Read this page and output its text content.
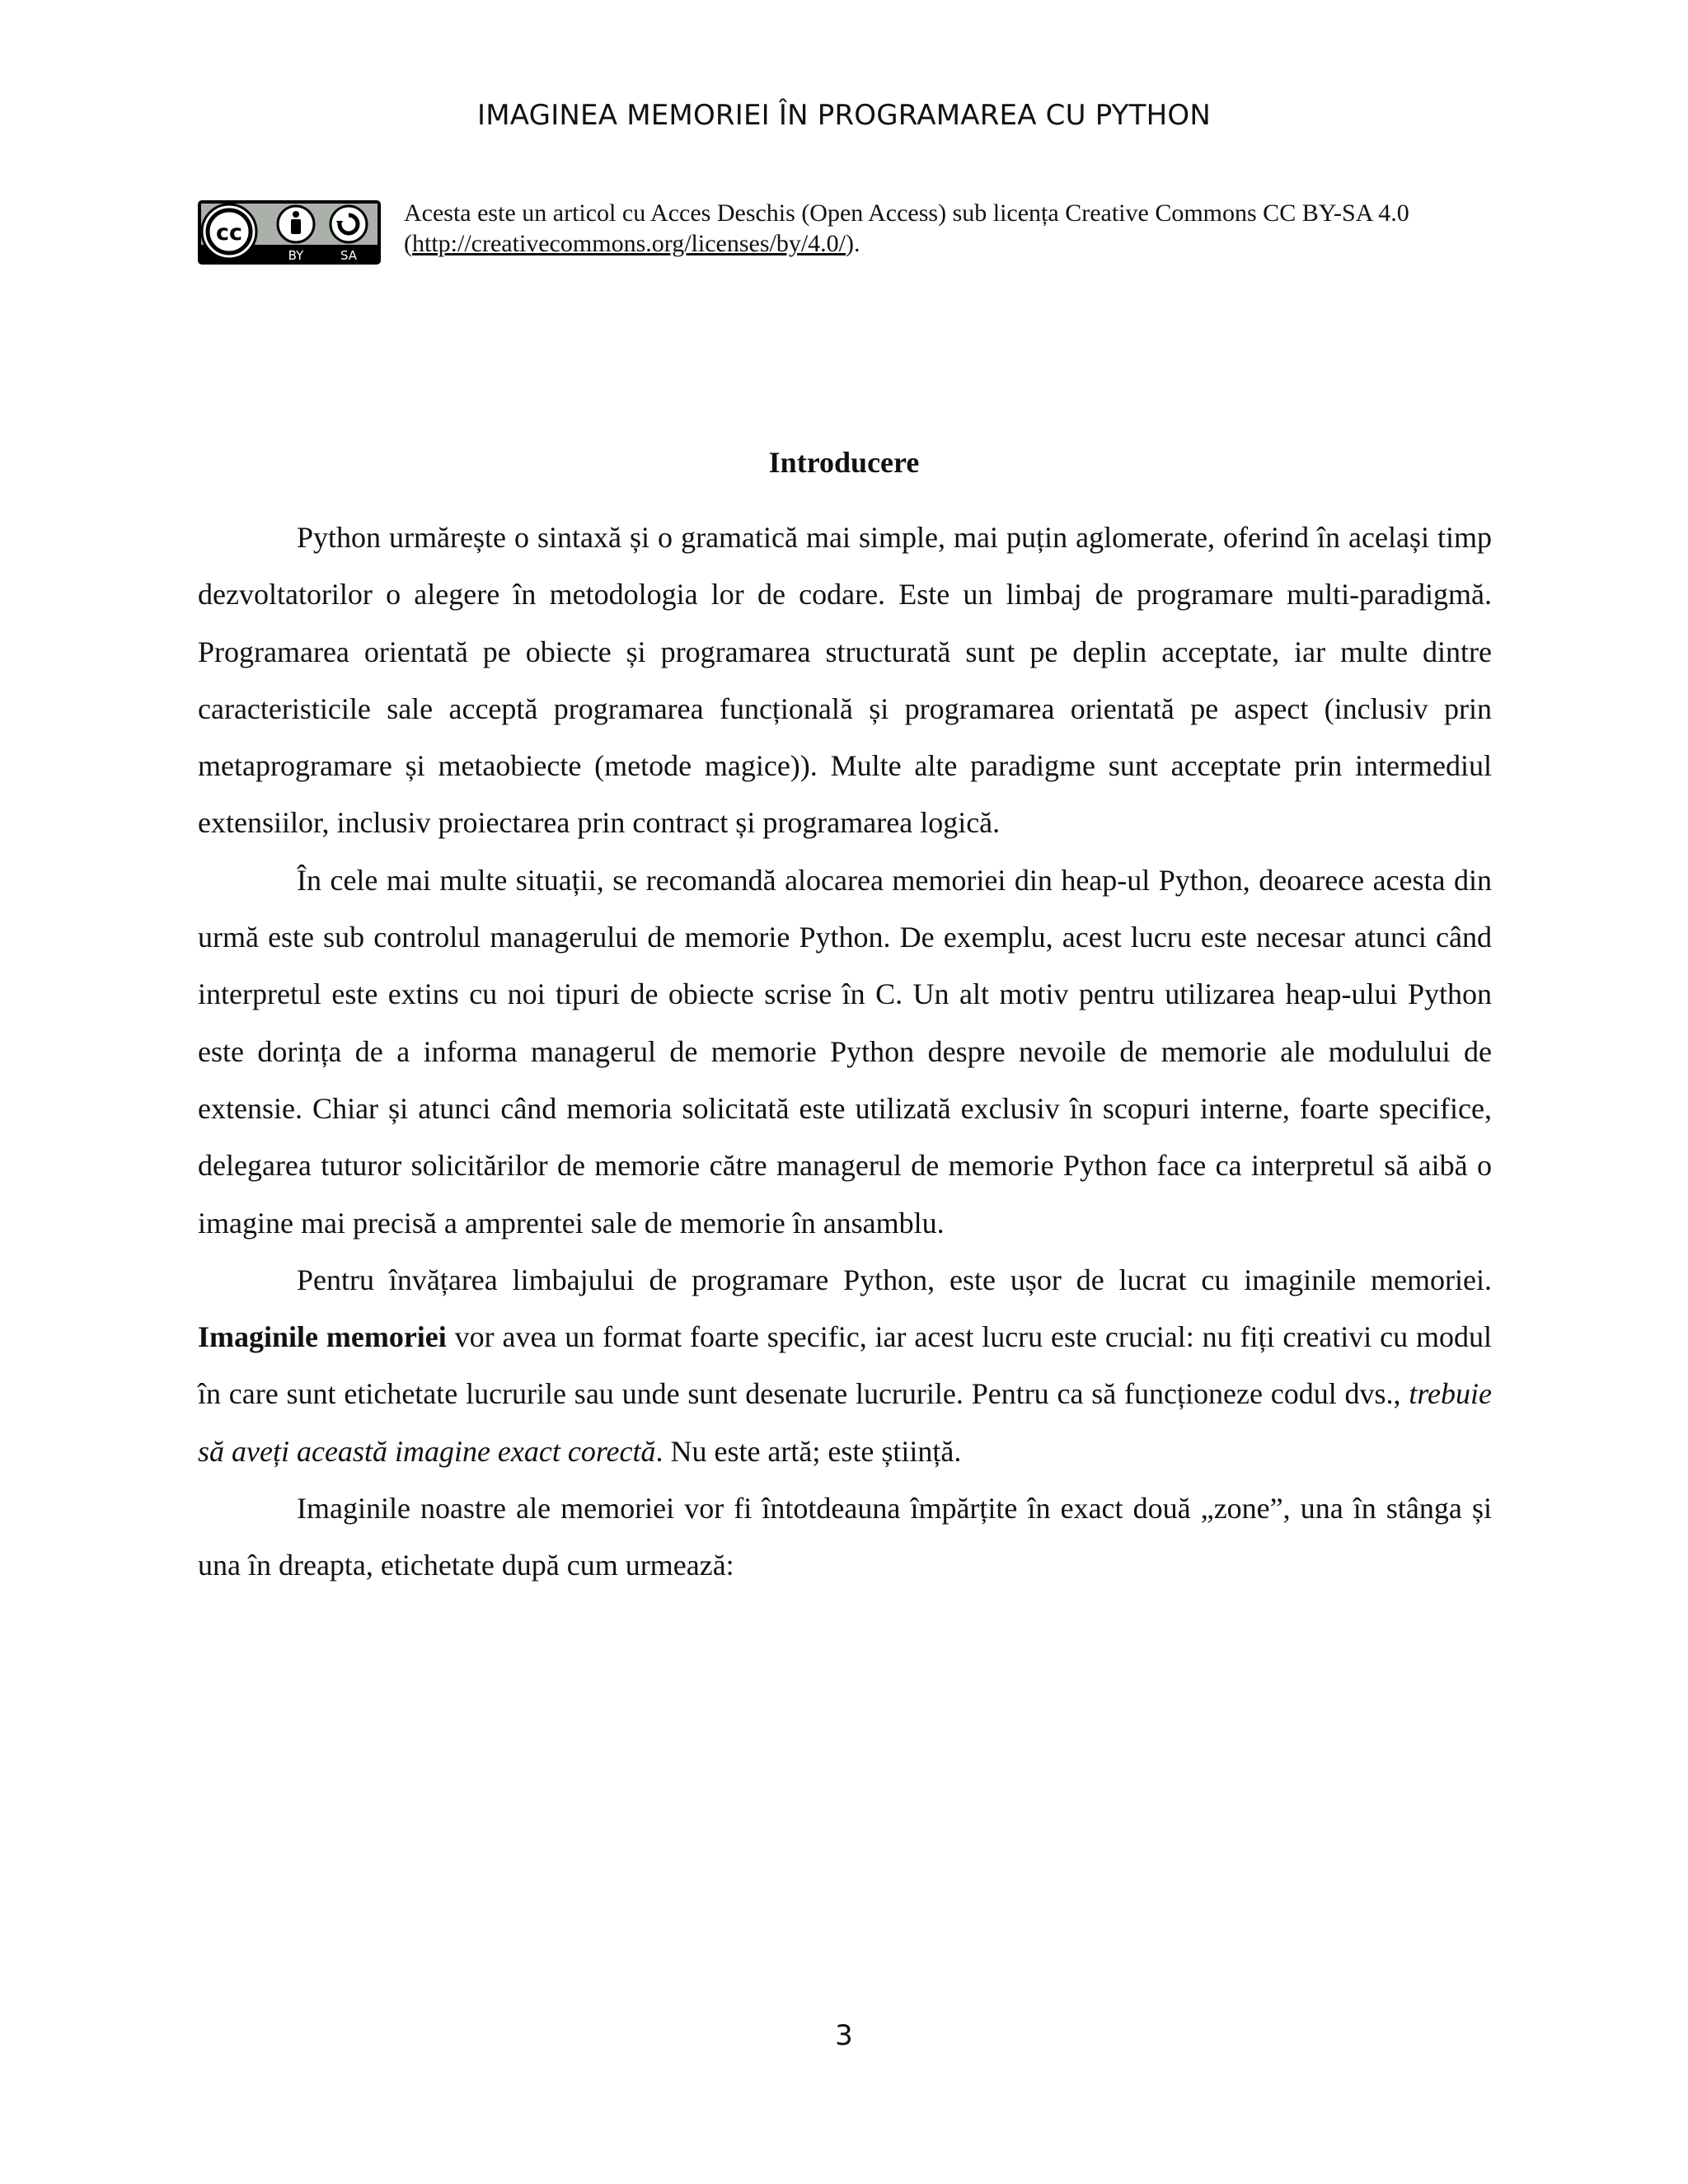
IMAGINEA MEMORIEI ÎN PROGRAMAREA CU PYTHON
cc
BY	SA
Acesta este un articol cu Acces Deschis (Open Access) sub licența Creative Commons CC BY-SA 4.0 (http://creativecommons.org/licenses/by/4.0/).
Introducere

Python urmărește o sintaxă și o gramatică mai simple, mai puțin aglomerate, oferind în același timp dezvoltatorilor o alegere în metodologia lor de codare. Este un limbaj de programare multi-paradigmă. Programarea orientată pe obiecte și programarea structurată sunt pe deplin acceptate, iar multe dintre caracteristicile sale acceptă programarea funcțională și programarea orientată pe aspect (inclusiv prin metaprogramare și metaobiecte (metode magice)). Multe alte paradigme sunt acceptate prin intermediul extensiilor, inclusiv proiectarea prin contract și programarea logică.

În cele mai multe situații, se recomandă alocarea memoriei din heap-ul Python, deoarece acesta din urmă este sub controlul managerului de memorie Python. De exemplu, acest lucru este necesar atunci când interpretul este extins cu noi tipuri de obiecte scrise în C. Un alt motiv pentru utilizarea heap-ului Python este dorința de a informa managerul de memorie Python despre nevoile de memorie ale modulului de extensie. Chiar și atunci când memoria solicitată este utilizată exclusiv în scopuri interne, foarte specifice, delegarea tuturor solicitărilor de memorie către managerul de memorie Python face ca interpretul să aibă o imagine mai precisă a amprentei sale de memorie în ansamblu.

Pentru învățarea limbajului de programare Python, este ușor de lucrat cu imaginile memoriei. Imaginile memoriei vor avea un format foarte specific, iar acest lucru este crucial: nu fiți creativi cu modul în care sunt etichetate lucrurile sau unde sunt desenate lucrurile. Pentru ca să funcționeze codul dvs., trebuie să aveți această imagine exact corectă. Nu este artă; este știință.

Imaginile noastre ale memoriei vor fi întotdeauna împărțite în exact două „zone”, una în stânga și una în dreapta, etichetate după cum urmează:

3
